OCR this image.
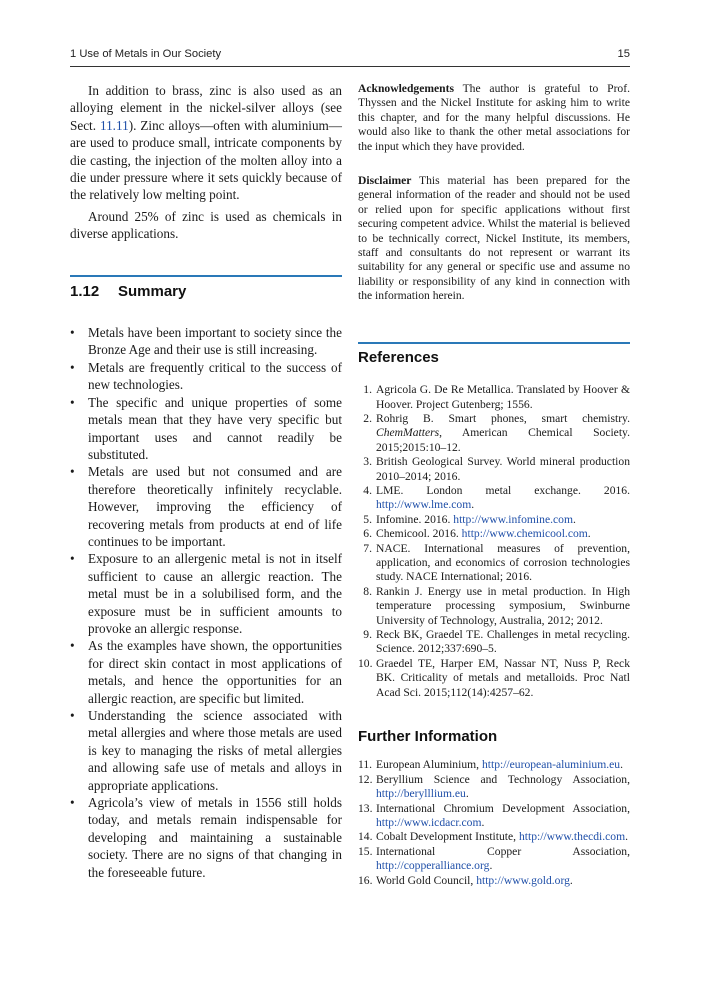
1 Use of Metals in Our Society	15

In addition to brass, zinc is also used as an alloying element in the nickel-silver alloys (see Sect. 11.11). Zinc alloys—often with aluminium—are used to produce small, intricate components by die casting, the injection of the molten alloy into a die under pressure where it sets quickly because of the relatively low melting point.

Around 25% of zinc is used as chemicals in diverse applications.

1.12 Summary
• Metals have been important to society since the Bronze Age and their use is still increasing.
• Metals are frequently critical to the success of new technologies.
• The specific and unique properties of some metals mean that they have very specific but important uses and cannot readily be substituted.
• Metals are used but not consumed and are therefore theoretically infinitely recyclable. However, improving the efficiency of recovering metals from products at end of life continues to be important.
• Exposure to an allergenic metal is not in itself sufficient to cause an allergic reaction. The metal must be in a solubilised form, and the exposure must be in sufficient amounts to provoke an allergic response.
• As the examples have shown, the opportunities for direct skin contact in most applications of metals, and hence the opportunities for an allergic reaction, are specific but limited.
• Understanding the science associated with metal allergies and where those metals are used is key to managing the risks of metal allergies and allowing safe use of metals and alloys in appropriate applications.
• Agricola’s view of metals in 1556 still holds today, and metals remain indispensable for developing and maintaining a sustainable society. There are no signs of that changing in the foreseeable future.

Acknowledgements The author is grateful to Prof. Thyssen and the Nickel Institute for asking him to write this chapter, and for the many helpful discussions. He would also like to thank the other metal associations for the input which they have provided.

Disclaimer This material has been prepared for the general information of the reader and should not be used or relied upon for specific applications without first securing competent advice. Whilst the material is believed to be technically correct, Nickel Institute, its members, staff and consultants do not represent or warrant its suitability for any general or specific use and assume no liability or responsibility of any kind in connection with the information herein.

References
1. Agricola G. De Re Metallica. Translated by Hoover & Hoover. Project Gutenberg; 1556.
2. Rohrig B. Smart phones, smart chemistry. ChemMatters, American Chemical Society. 2015;2015:10–12.
3. British Geological Survey. World mineral production 2010–2014; 2016.
4. LME. London metal exchange. 2016. http://www.lme.com.
5. Infomine. 2016. http://www.infomine.com.
6. Chemicool. 2016. http://www.chemicool.com.
7. NACE. International measures of prevention, application, and economics of corrosion technologies study. NACE International; 2016.
8. Rankin J. Energy use in metal production. In High temperature processing symposium, Swinburne University of Technology, Australia, 2012; 2012.
9. Reck BK, Graedel TE. Challenges in metal recycling. Science. 2012;337:690–5.
10. Graedel TE, Harper EM, Nassar NT, Nuss P, Reck BK. Criticality of metals and metalloids. Proc Natl Acad Sci. 2015;112(14):4257–62.
Further Information
11. European Aluminium, http://european-aluminium.eu.
12. Beryllium Science and Technology Association, http://berylllium.eu.
13. International Chromium Development Association, http://www.icdacr.com.
14. Cobalt Development Institute, http://www.thecdi.com.
15. International Copper Association, http://copperalliance.org.
16. World Gold Council, http://www.gold.org.
